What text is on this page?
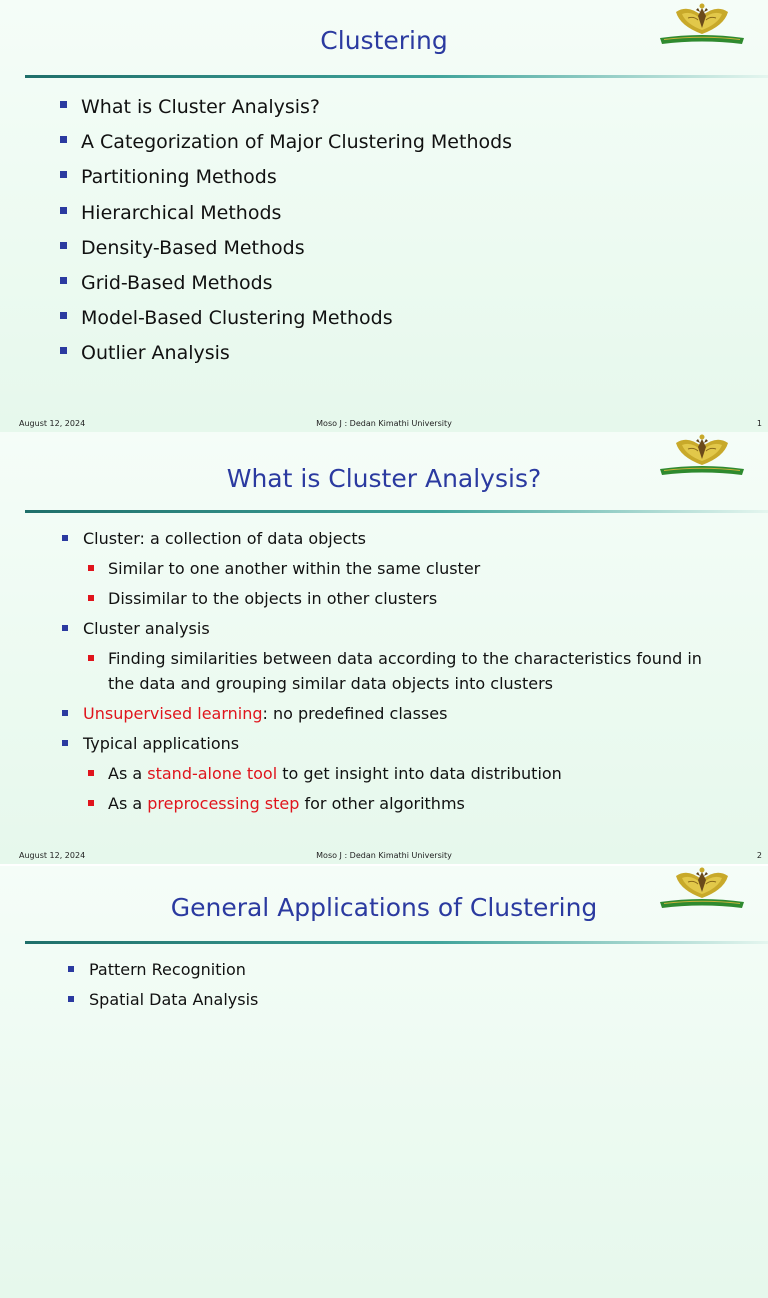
Clustering
What is Cluster Analysis?
A Categorization of Major Clustering Methods
Partitioning Methods
Hierarchical Methods
Density-Based Methods
Grid-Based Methods
Model-Based Clustering Methods
Outlier Analysis
August 12, 2024	Moso J : Dedan Kimathi University	1
What is Cluster Analysis?
Cluster: a collection of data objects
Similar to one another within the same cluster
Dissimilar to the objects in other clusters
Cluster analysis
Finding similarities between data according to the characteristics found in the data and grouping similar data objects into clusters
Unsupervised learning: no predefined classes
Typical applications
As a stand-alone tool to get insight into data distribution
As a preprocessing step for other algorithms
August 12, 2024	Moso J : Dedan Kimathi University	2
General Applications of Clustering
Pattern Recognition
Spatial Data Analysis
